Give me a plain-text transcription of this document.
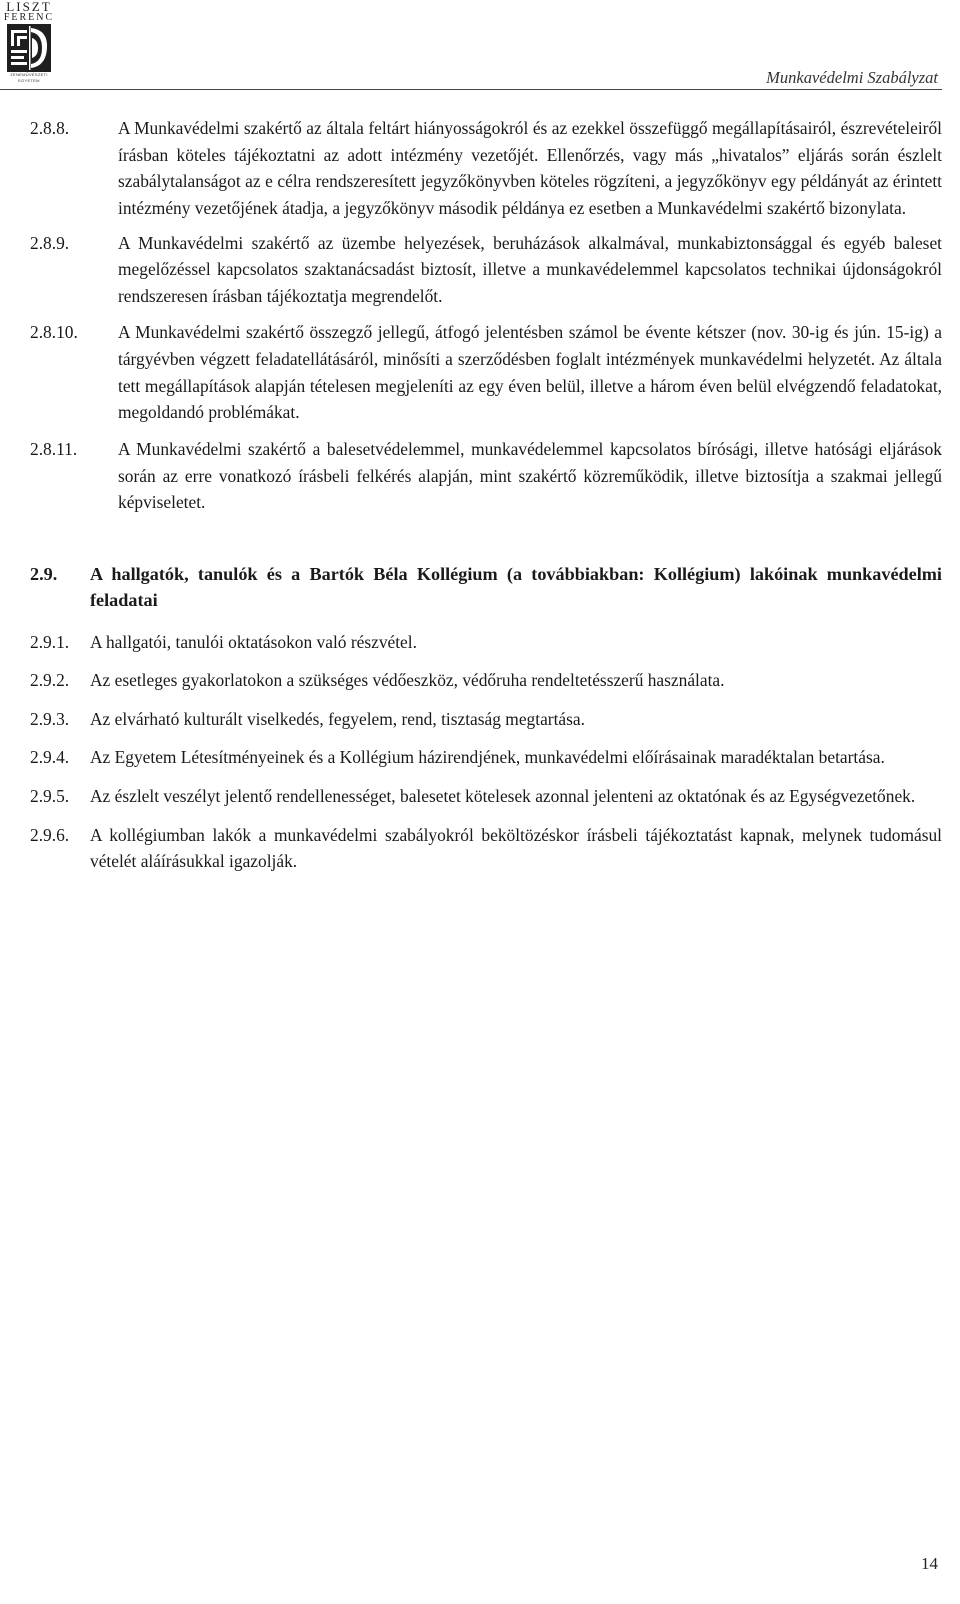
LISZT
FERENC
ZENEMŰVÉSZETI
EGYETEM	Munkavédelmi Szabályzat
2.8.8.	A Munkavédelmi szakértő az általa feltárt hiányosságokról és az ezekkel összefüggő megállapításairól, észrevételeiről írásban köteles tájékoztatni az adott intézmény vezetőjét. Ellenőrzés, vagy más „hivatalos” eljárás során észlelt szabálytalanságot az e célra rendszeresített jegyzőkönyvben köteles rögzíteni, a jegyzőkönyv egy példányát az érintett intézmény vezetőjének átadja, a jegyzőkönyv második példánya ez esetben a Munkavédelmi szakértő bizonylata.
2.8.9.	A Munkavédelmi szakértő az üzembe helyezések, beruházások alkalmával, munkabiztonsággal és egyéb baleset megelőzéssel kapcsolatos szaktanácsadást biztosít, illetve a munkavédelemmel kapcsolatos technikai újdonságokról rendszeresen írásban tájékoztatja megrendelőt.
2.8.10.	A Munkavédelmi szakértő összegző jellegű, átfogó jelentésben számol be évente kétszer (nov. 30-ig és jún. 15-ig) a tárgyévben végzett feladatellátásáról, minősíti a szerződésben foglalt intézmények munkavédelmi helyzetét. Az általa tett megállapítások alapján tételesen megjeleníti az egy éven belül, illetve a három éven belül elvégzendő feladatokat, megoldandó problémákat.
2.8.11.	A Munkavédelmi szakértő a balesetvédelemmel, munkavédelemmel kapcsolatos bírósági, illetve hatósági eljárások során az erre vonatkozó írásbeli felkérés alapján, mint szakértő közreműködik, illetve biztosítja a szakmai jellegű képviseletet.
2.9.	A hallgatók, tanulók és a Bartók Béla Kollégium (a továbbiakban: Kollégium) lakóinak munkavédelmi feladatai
2.9.1.	A hallgatói, tanulói oktatásokon való részvétel.
2.9.2.	Az esetleges gyakorlatokon a szükséges védőeszköz, védőruha rendeltetésszerű használata.
2.9.3.	Az elvárható kulturált viselkedés, fegyelem, rend, tisztaság megtartása.
2.9.4.	Az Egyetem Létesítményeinek és a Kollégium házirendjének, munkavédelmi előírásainak maradéktalan betartása.
2.9.5.	Az észlelt veszélyt jelentő rendellenességet, balesetet kötelesek azonnal jelenteni az oktatónak és az Egységvezetőnek.
2.9.6.	A kollégiumban lakók a munkavédelmi szabályokról beköltözéskor írásbeli tájékoztatást kapnak, melynek tudomásul vételét aláírásukkal igazolják.
14
